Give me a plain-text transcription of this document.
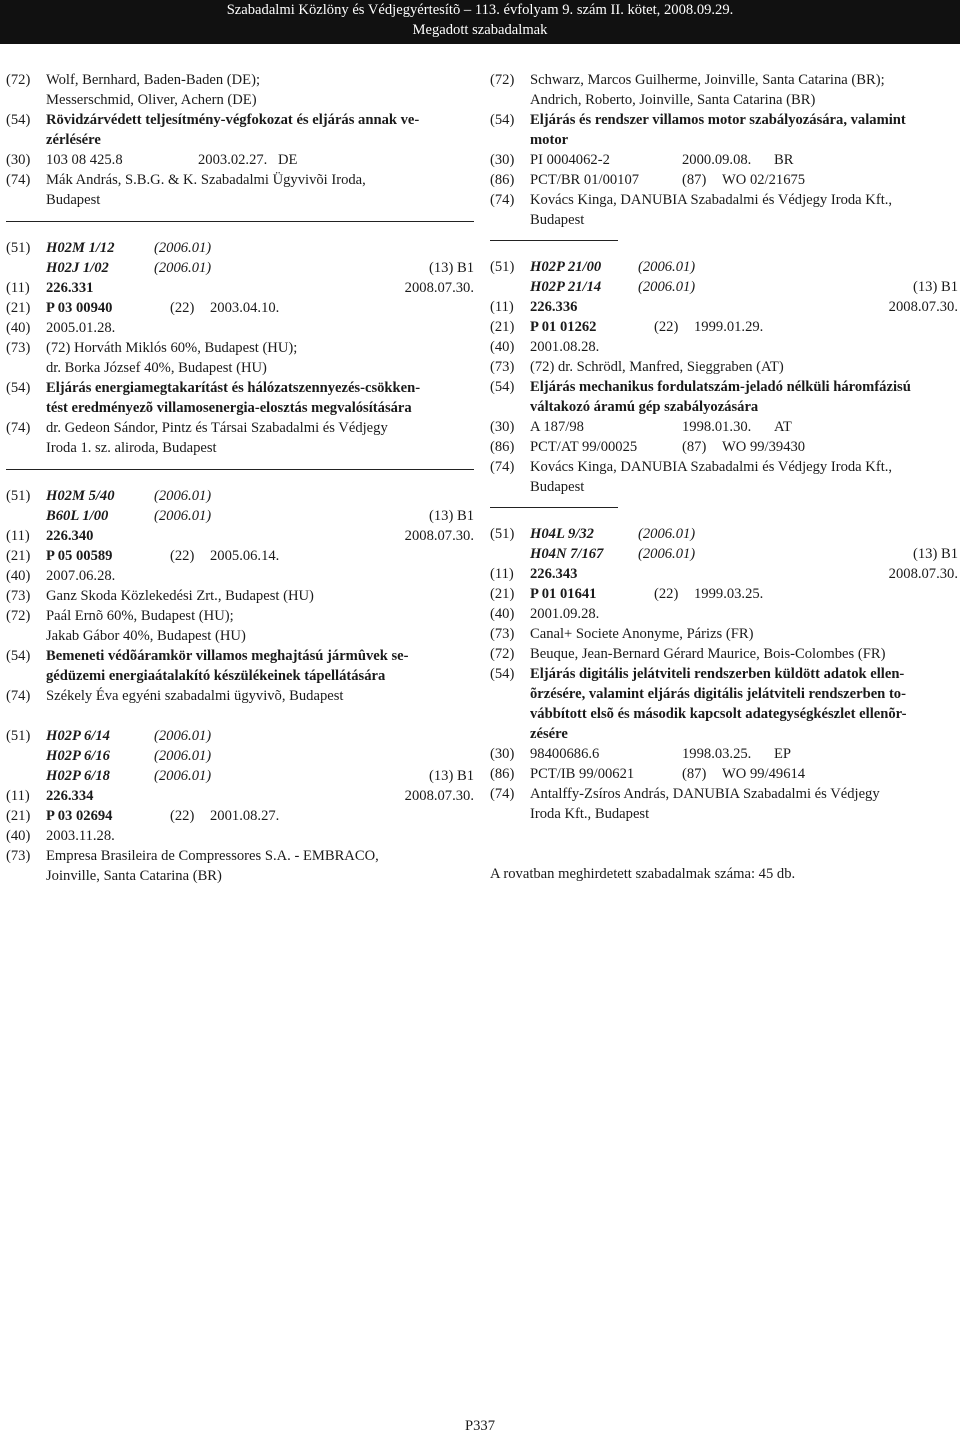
Szabadalmi Közlöny és Védjegyértesítõ – 113. évfolyam 9. szám II. kötet, 2008.09.29.
Megadott szabadalmak
(72)	Wolf, Bernhard, Baden-Baden (DE);
Messerschmid, Oliver, Achern (DE)
(54)	Rövidzárvédett teljesítmény-végfokozat és eljárás annak ve-
zérlésére
(30)	103 08 425.8	2003.02.27. DE
(74)	Mák András, S.B.G. & K. Szabadalmi Ügyvivõi Iroda,
Budapest
(51)	H02M 1/12	(2006.01)
H02J 1/02	(2006.01)	(13) B1
(11)	226.331	2008.07.30.
(21)	P 03 00940	(22) 2003.04.10.
(40)	2005.01.28.
(73)	(72) Horváth Miklós 60%, Budapest (HU);
dr. Borka József 40%, Budapest (HU)
(54)	Eljárás energiamegtakarítást és hálózatszennyezés-csökken-
tést eredményezõ villamosenergia-elosztás megvalósítására
(74)	dr. Gedeon Sándor, Pintz és Társai Szabadalmi és Védjegy
Iroda 1. sz. aliroda, Budapest
(51)	H02M 5/40	(2006.01)
B60L 1/00	(2006.01)	(13) B1
(11)	226.340	2008.07.30.
(21)	P 05 00589	(22) 2005.06.14.
(40)	2007.06.28.
(73)	Ganz Skoda Közlekedési Zrt., Budapest (HU)
(72)	Paál Ernõ 60%, Budapest (HU);
Jakab Gábor 40%, Budapest (HU)
(54)	Bemeneti védõáramkör villamos meghajtású jármûvek se-
gédüzemi energiaátalakító készülékeinek tápellátására
(74)	Székely Éva egyéni szabadalmi ügyvivõ, Budapest
(51)	H02P 6/14	(2006.01)
H02P 6/16	(2006.01)
H02P 6/18	(2006.01)	(13) B1
(11)	226.334	2008.07.30.
(21)	P 03 02694	(22) 2001.08.27.
(40)	2003.11.28.
(73)	Empresa Brasileira de Compressores S.A. - EMBRACO,
Joinville, Santa Catarina (BR)
(72)	Schwarz, Marcos Guilherme, Joinville, Santa Catarina (BR);
Andrich, Roberto, Joinville, Santa Catarina (BR)
(54)	Eljárás és rendszer villamos motor szabályozására, valamint
motor
(30)	PI 0004062-2	2000.09.08. BR
(86)	PCT/BR 01/00107	(87) WO 02/21675
(74)	Kovács Kinga, DANUBIA Szabadalmi és Védjegy Iroda Kft.,
Budapest
(51)	H02P 21/00	(2006.01)
H02P 21/14	(2006.01)	(13) B1
(11)	226.336	2008.07.30.
(21)	P 01 01262	(22) 1999.01.29.
(40)	2001.08.28.
(73)	(72) dr. Schrödl, Manfred, Sieggraben (AT)
(54)	Eljárás mechanikus fordulatszám-jeladó nélküli háromfázisú
váltakozó áramú gép szabályozására
(30)	A 187/98	1998.01.30. AT
(86)	PCT/AT 99/00025	(87) WO 99/39430
(74)	Kovács Kinga, DANUBIA Szabadalmi és Védjegy Iroda Kft.,
Budapest
(51)	H04L 9/32	(2006.01)
H04N 7/167	(2006.01)	(13) B1
(11)	226.343	2008.07.30.
(21)	P 01 01641	(22) 1999.03.25.
(40)	2001.09.28.
(73)	Canal+ Societe Anonyme, Párizs (FR)
(72)	Beuque, Jean-Bernard Gérard Maurice, Bois-Colombes (FR)
(54)	Eljárás digitális jelátviteli rendszerben küldött adatok ellen-
õrzésére, valamint eljárás digitális jelátviteli rendszerben to-
vábbított elsõ és második kapcsolt adategységkészlet ellenõr-
zésére
(30)	98400686.6	1998.03.25. EP
(86)	PCT/IB 99/00621	(87) WO 99/49614
(74)	Antalffy-Zsíros András, DANUBIA Szabadalmi és Védjegy
Iroda Kft., Budapest
A rovatban meghirdetett szabadalmak száma: 45 db.
P337
